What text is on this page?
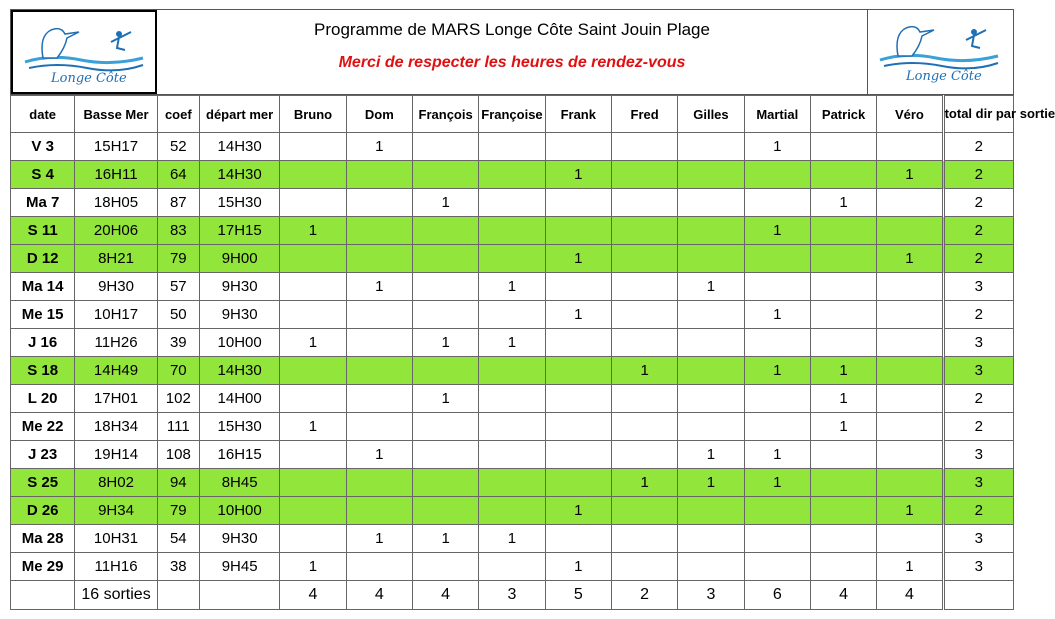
Longe Côte
Programme de MARS Longe Côte Saint Jouin Plage
Merci de respecter les heures de rendez-vous
Longe Côte
date	Basse Mer	coef	départ mer	Bruno	Dom	François	Françoise	Frank	Fred	Gilles	Martial	Patrick	Véro	total dir par sortie
V 3	15H17	52	14H30		1						1			2
S 4	16H11	64	14H30					1					1	2
Ma 7	18H05	87	15H30			1						1		2
S 11	20H06	83	17H15	1							1			2
D 12	8H21	79	9H00					1					1	2
Ma 14	9H30	57	9H30		1		1			1				3
Me 15	10H17	50	9H30					1			1			2
J 16	11H26	39	10H00	1		1	1							3
S 18	14H49	70	14H30						1		1	1		3
L 20	17H01	102	14H00			1						1		2
Me 22	18H34	111	15H30	1								1		2
J 23	19H14	108	16H15		1					1	1			3
S 25	8H02	94	8H45						1	1	1			3
D 26	9H34	79	10H00					1					1	2
Ma 28	10H31	54	9H30		1	1	1							3
Me 29	11H16	38	9H45	1				1					1	3
	16 sorties			4	4	4	3	5	2	3	6	4	4	
